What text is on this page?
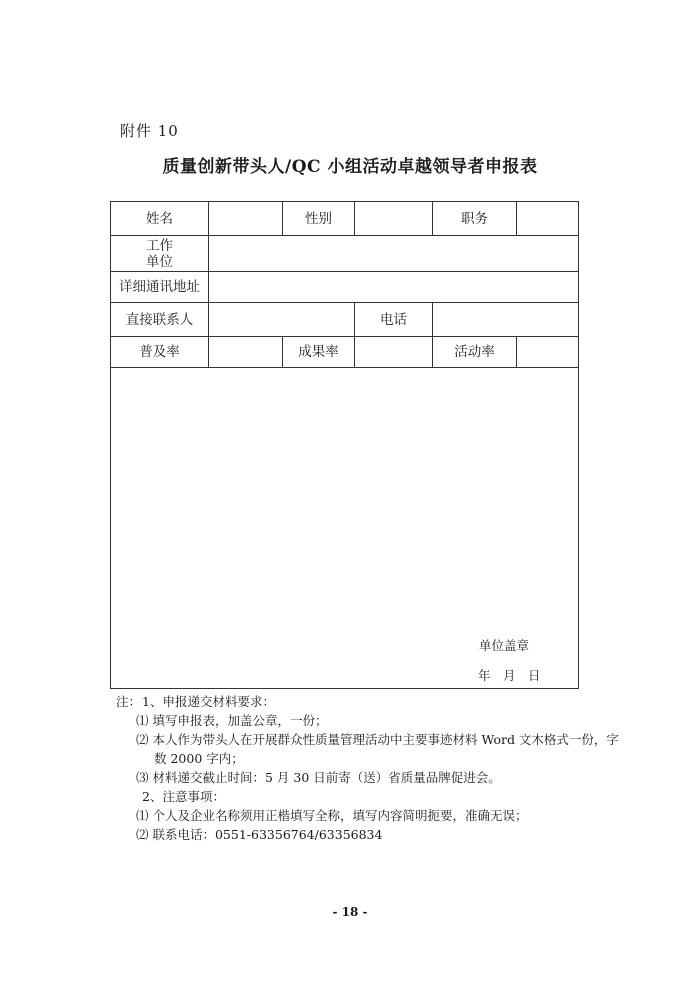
附件 10
质量创新带头人/QC 小组活动卓越领导者申报表
姓名		性别		职务	
工作单位					
详细通讯地址					
直接联系人			电话		
普及率		成果率		活动率	

单位盖章
年　月　日					
注：1、申报递交材料要求：
⑴ 填写申报表，加盖公章，一份；
⑵ 本人作为带头人在开展群众性质量管理活动中主要事迹材料 Word 文木格式一份，字
数 2000 字内；
⑶ 材料递交截止时间：5 月 30 日前寄（送）省质量品牌促进会。
2、注意事项：
⑴ 个人及企业名称须用正楷填写全称，填写内容简明扼要，准确无误；
⑵ 联系电话：0551-63356764/63356834
- 18 -
